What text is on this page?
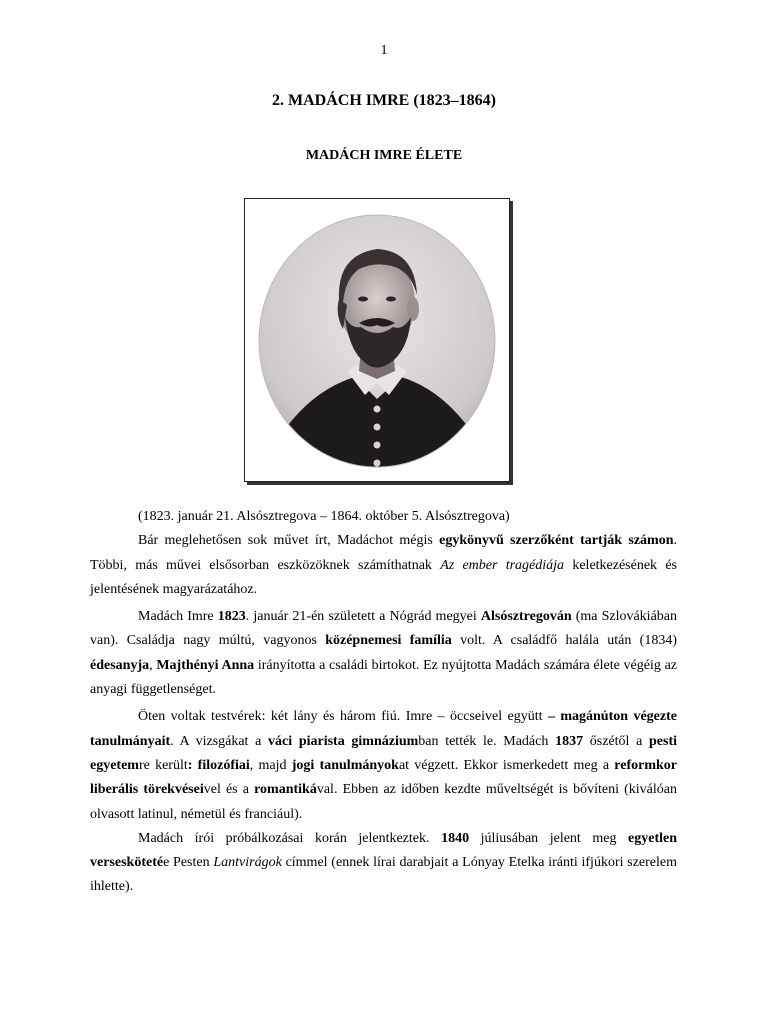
1
2. MADÁCH IMRE (1823–1864)
MADÁCH IMRE ÉLETE

(1823. január 21. Alsósztregova – 1864. október 5. Alsósztregova)

Bár meglehetősen sok művet írt, Madáchot mégis egykönyvű szerzőként tartják számon. Többi, más művei elsősorban eszközöknek számíthatnak Az ember tragédiája keletkezésének és jelentésének magyarázatához.

Madách Imre 1823. január 21-én született a Nógrád megyei Alsósztregován (ma Szlovákiában van). Családja nagy múltú, vagyonos középnemesi família volt. A családfő halála után (1834) édesanyja, Majthényi Anna irányította a családi birtokot. Ez nyújtotta Madách számára élete végéig az anyagi függetlenséget.

Öten voltak testvérek: két lány és három fiú. Imre – öccseivel együtt – magánúton végezte tanulmányait. A vizsgákat a váci piarista gimnáziumban tették le. Madách 1837 őszétől a pesti egyetemre került: filozófiai, majd jogi tanulmányokat végzett. Ekkor ismerkedett meg a reformkor liberális törekvéseivel és a romantikával. Ebben az időben kezdte műveltségét is bővíteni (kiválóan olvasott latinul, németül és franciául).

Madách írói próbálkozásai korán jelentkeztek. 1840 júliusában jelent meg egyetlen verseskötetée Pesten Lantvirágok címmel (ennek lírai darabjait a Lónyay Etelka iránti ifjúkori szerelem ihlette).
